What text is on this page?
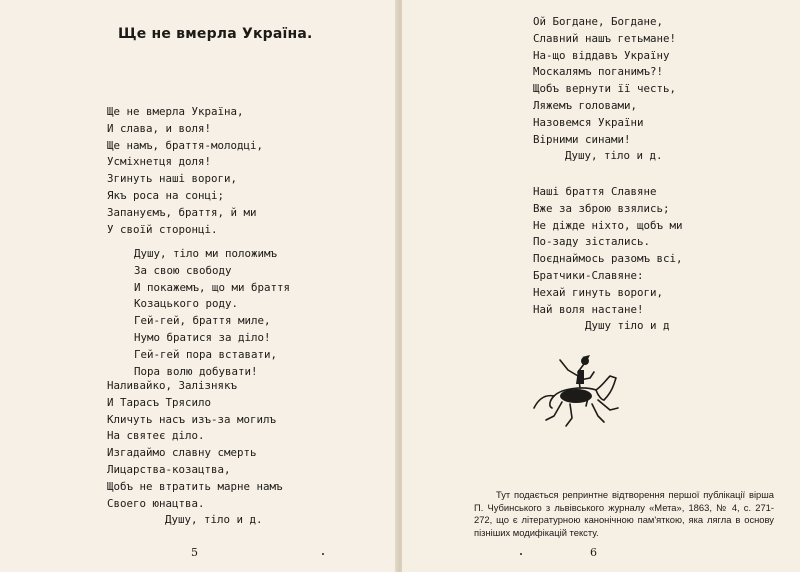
Ще не вмерла Україна.
Ще не вмерла Україна,
И слава, и воля!
Ще намъ, браття-молодці,
Усміхнетця доля!
Згинуть наші вороги,
Якъ роса на сонці;
Запануємъ, браття, й ми
У своїй сторонці.
Душу, тіло ми положимъ
За свою свободу
И покажемъ, що ми браття
Козацького роду.
Гей-гей, браття миле,
Нумо братися за діло!
Гей-гей пора вставати,
Пора волю добувати!
Наливайко, Залізнякъ
И Тарасъ Трясило
Кличуть насъ изъ-за могилъ
На святеє діло.
Изгадаймо славну смерть
Лицарства-козацтва,
Щобъ не втратить марне намъ
Своего юнацтва.
Душу, тіло и д.
5
Ой Богдане, Богдане,
Славний нашъ гетьмане!
На-що віддавъ Україну
Москалямъ поганимъ?!
Щобъ вернути її честь,
Ляжемъ головами,
Назовемся України
Вірними синами!
Душу, тіло и д.
Наші браття Славяне
Вже за зброю взялись;
Не діжде ніхто, щобъ ми
По-заду зістались.
Поєднаймось разомъ всі,
Братчики-Славяне:
Нехай гинуть вороги,
Най воля настане!
Душу тіло и д
Тут подається репринтне відтворення першої публікації вірша П. Чубинського з львівського журналу «Мета», 1863, № 4, с. 271-272, що є літературною канонічною пам'яткою, яка лягла в основу пізніших модифікацій тексту.
6
